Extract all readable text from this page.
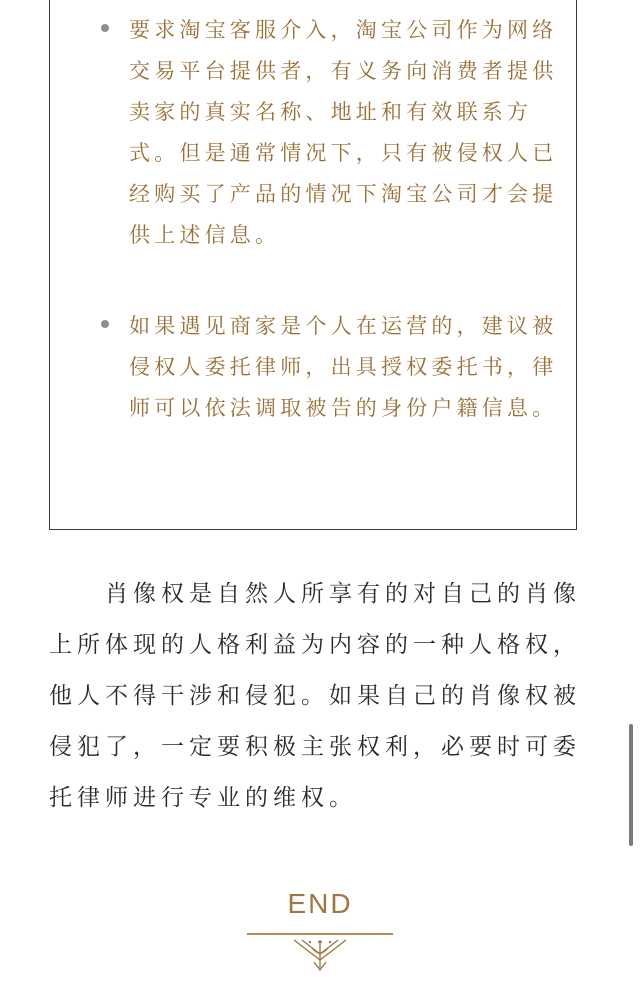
要求淘宝客服介入，淘宝公司作为网络交易平台提供者，有义务向消费者提供卖家的真实名称、地址和有效联系方式。但是通常情况下，只有被侵权人已经购买了产品的情况下淘宝公司才会提供上述信息。
如果遇见商家是个人在运营的，建议被侵权人委托律师，出具授权委托书，律师可以依法调取被告的身份户籍信息。
肖像权是自然人所享有的对自己的肖像上所体现的人格利益为内容的一种人格权，他人不得干涉和侵犯。如果自己的肖像权被侵犯了，一定要积极主张权利，必要时可委托律师进行专业的维权。
END
